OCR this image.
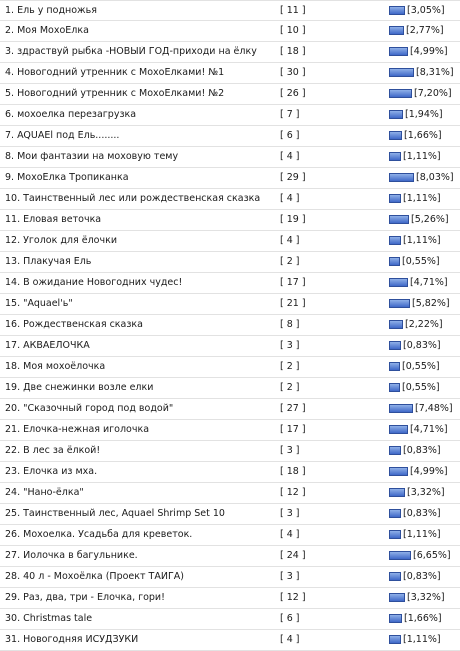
1. Ель у подножья	[ 11 ]	[3,05%]
2. Моя МохоЁлка	[ 10 ]	[2,77%]
3. здраствуй рыбка -НОВЫЙ ГОД-приходи на ёлку	[ 18 ]	[4,99%]
4. Новогодний утренник с МохоЁлками! №1	[ 30 ]	[8,31%]
5. Новогодний утренник с МохоЁлками! №2	[ 26 ]	[7,20%]
6. мохоелка перезагрузка	[ 7 ]	[1,94%]
7. AQUAEl под Ель........	[ 6 ]	[1,66%]
8. Мои фантазии на моховую тему	[ 4 ]	[1,11%]
9. МохоЕлка Тропиканка	[ 29 ]	[8,03%]
10. Таинственный лес или рождественская сказка	[ 4 ]	[1,11%]
11. Еловая веточка	[ 19 ]	[5,26%]
12. Уголок для ёлочки	[ 4 ]	[1,11%]
13. Плакучая Ель	[ 2 ]	[0,55%]
14. В ожидание Новогодних чудес!	[ 17 ]	[4,71%]
15. "Aquael'ь"	[ 21 ]	[5,82%]
16. Рождественская сказка	[ 8 ]	[2,22%]
17. АКВАЁЛОЧКА	[ 3 ]	[0,83%]
18. Моя мохоёлочка	[ 2 ]	[0,55%]
19. Две снежинки возле елки	[ 2 ]	[0,55%]
20. "Сказочный город под водой"	[ 27 ]	[7,48%]
21. Ёлочка-нежная иголочка	[ 17 ]	[4,71%]
22. В лес за ёлкой!	[ 3 ]	[0,83%]
23. Ёлочка из мха.	[ 18 ]	[4,99%]
24. "Нано-ёлка"	[ 12 ]	[3,32%]
25. Таинственный лес, Aquael Shrimp Set 10	[ 3 ]	[0,83%]
26. Мохоелка. Усадьба для креветок.	[ 4 ]	[1,11%]
27. Йолочка в багульнике.	[ 24 ]	[6,65%]
28. 40 л - Мохоёлка (Проект ТАЙГА)	[ 3 ]	[0,83%]
29. Раз, два, три - Ёлочка, гори!	[ 12 ]	[3,32%]
30. Christmas tale	[ 6 ]	[1,66%]
31. Новогодняя ИСУДЗУКИ	[ 4 ]	[1,11%]
